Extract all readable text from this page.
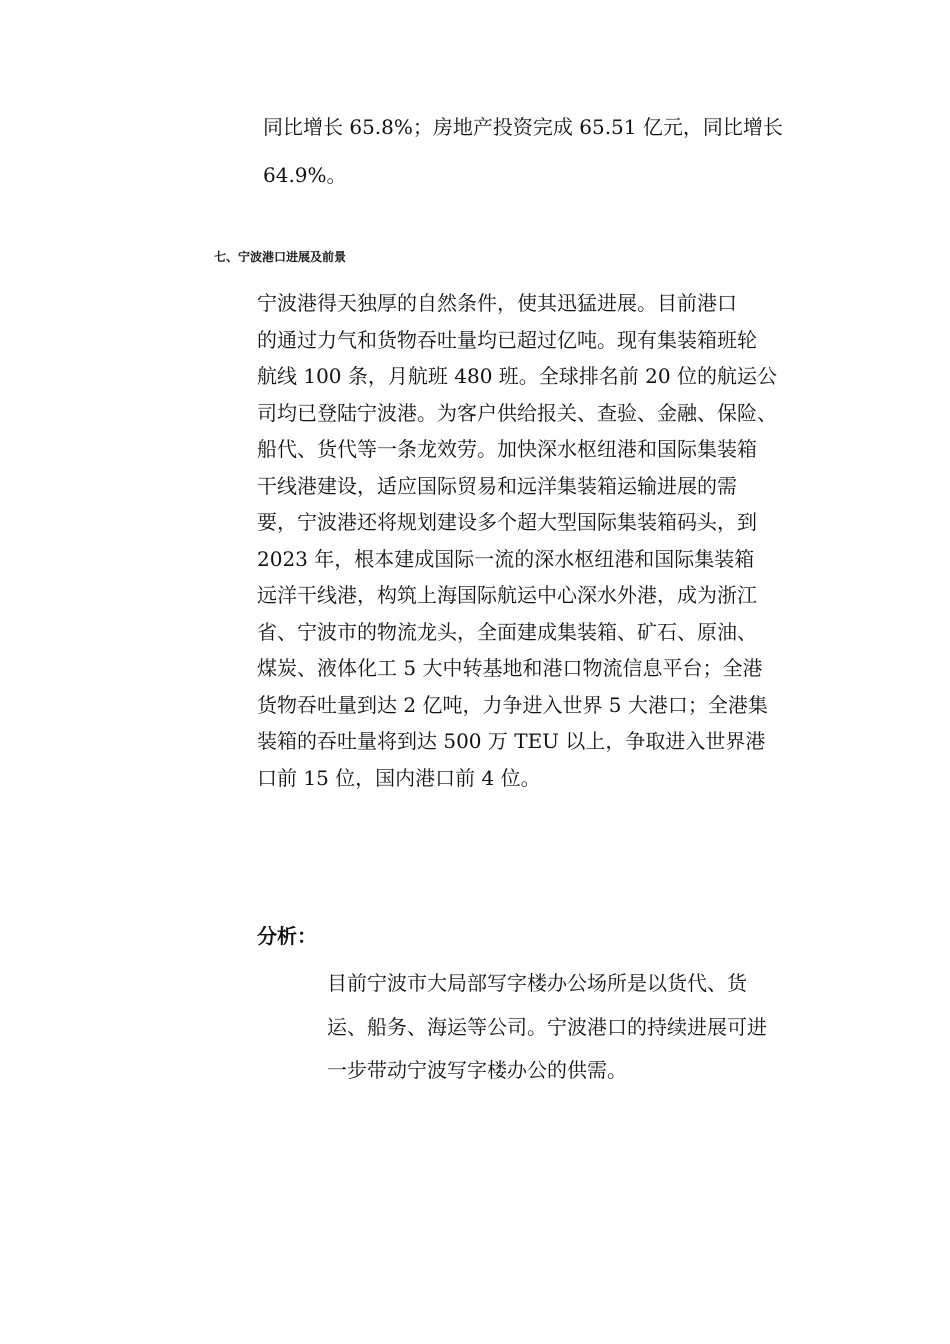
同比增长 65.8%；房地产投资完成 65.51 亿元，同比增长
64.9%。
七、宁波港口进展及前景
宁波港得天独厚的自然条件，使其迅猛进展。目前港口
的通过力气和货物吞吐量均已超过亿吨。现有集装箱班轮
航线 100 条，月航班 480 班。全球排名前 20 位的航运公
司均已登陆宁波港。为客户供给报关、查验、金融、保险、
船代、货代等一条龙效劳。加快深水枢纽港和国际集装箱
干线港建设，适应国际贸易和远洋集装箱运输进展的需
要，宁波港还将规划建设多个超大型国际集装箱码头，到
2023 年，根本建成国际一流的深水枢纽港和国际集装箱
远洋干线港，构筑上海国际航运中心深水外港，成为浙江
省、宁波市的物流龙头，全面建成集装箱、矿石、原油、
煤炭、液体化工 5 大中转基地和港口物流信息平台；全港
货物吞吐量到达 2 亿吨，力争进入世界 5 大港口；全港集
装箱的吞吐量将到达 500 万 TEU 以上，争取进入世界港
口前 15 位，国内港口前 4 位。
分析：
目前宁波市大局部写字楼办公场所是以货代、货
运、船务、海运等公司。宁波港口的持续进展可进
一步带动宁波写字楼办公的供需。
